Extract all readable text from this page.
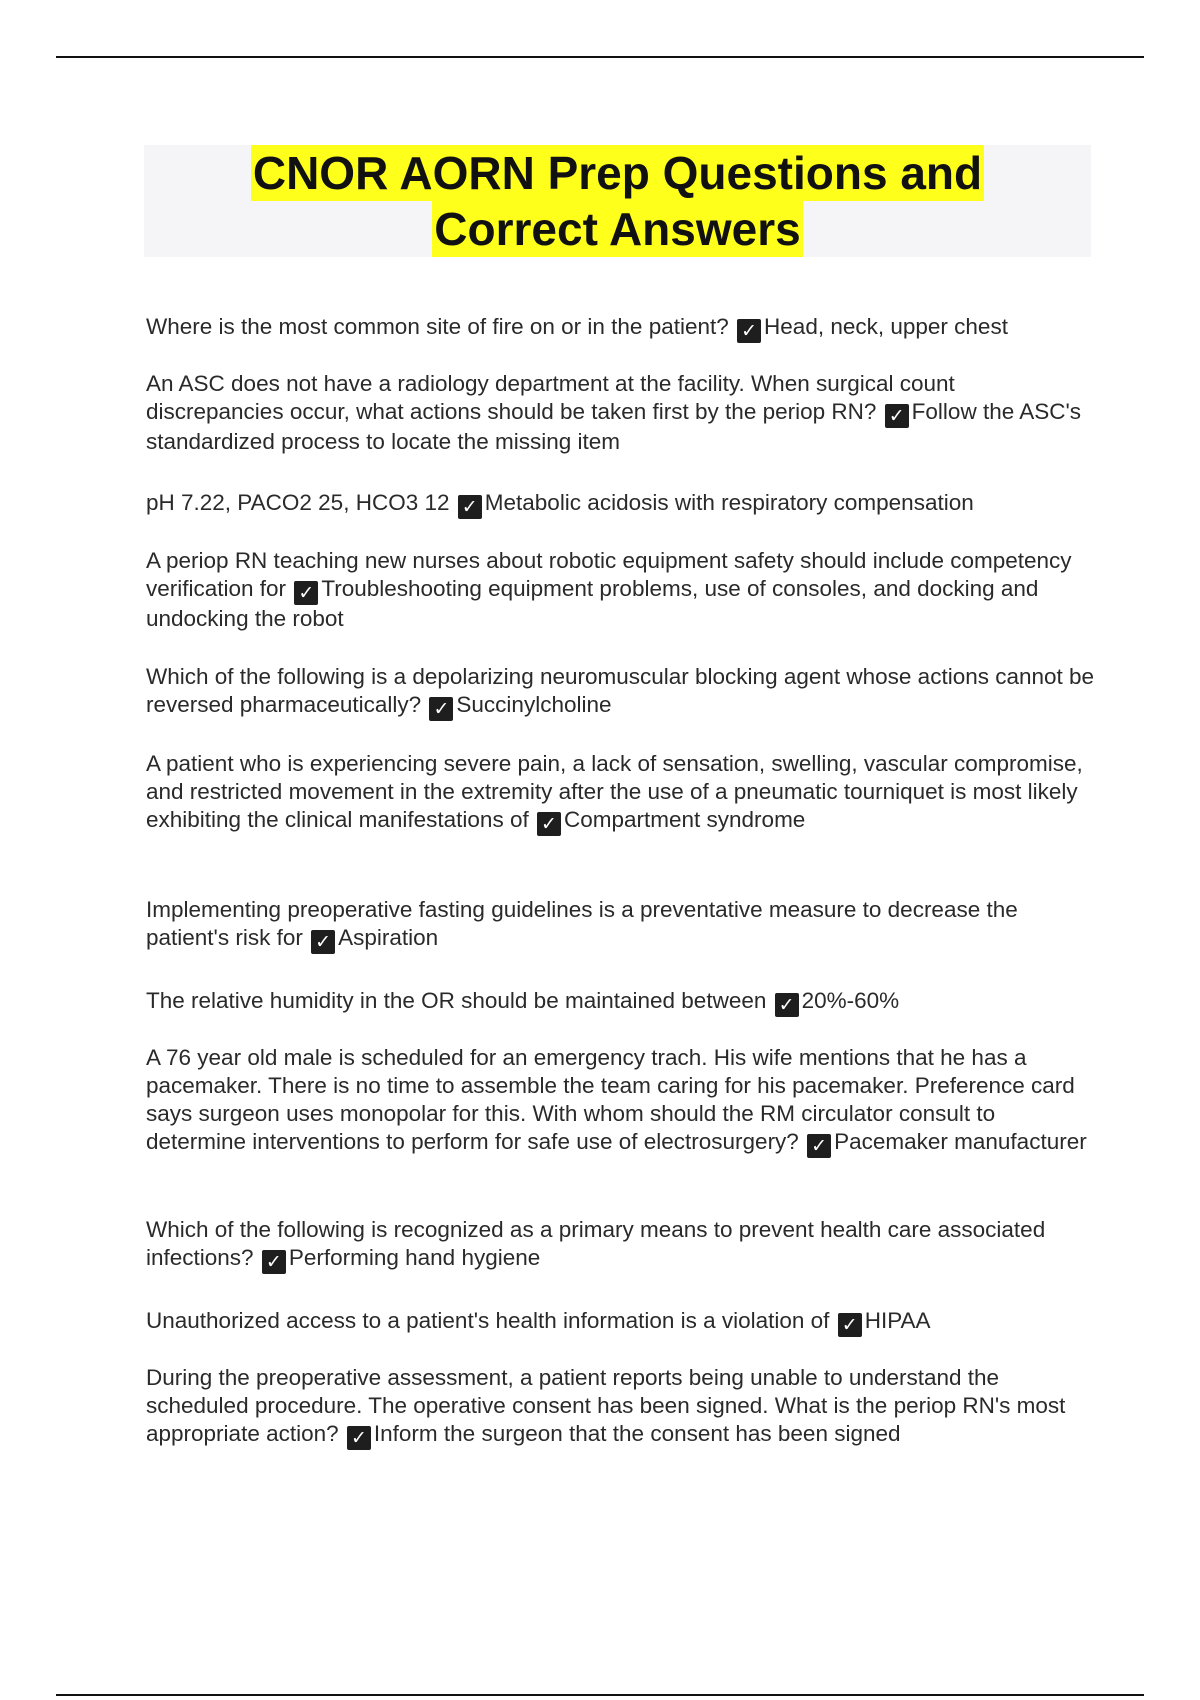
CNOR AORN Prep Questions and
Correct Answers
Where is the most common site of fire on or in the patient? ✓ Head, neck, upper chest
An ASC does not have a radiology department at the facility. When surgical count discrepancies occur, what actions should be taken first by the periop RN? ✓ Follow the ASC's standardized process to locate the missing item
pH 7.22, PACO2 25, HCO3 12 ✓ Metabolic acidosis with respiratory compensation
A periop RN teaching new nurses about robotic equipment safety should include competency verification for ✓ Troubleshooting equipment problems, use of consoles, and docking and undocking the robot
Which of the following is a depolarizing neuromuscular blocking agent whose actions cannot be reversed pharmaceutically? ✓ Succinylcholine
A patient who is experiencing severe pain, a lack of sensation, swelling, vascular compromise, and restricted movement in the extremity after the use of a pneumatic tourniquet is most likely exhibiting the clinical manifestations of ✓ Compartment syndrome
Implementing preoperative fasting guidelines is a preventative measure to decrease the patient's risk for ✓ Aspiration
The relative humidity in the OR should be maintained between ✓ 20%-60%
A 76 year old male is scheduled for an emergency trach. His wife mentions that he has a pacemaker. There is no time to assemble the team caring for his pacemaker. Preference card says surgeon uses monopolar for this. With whom should the RM circulator consult to determine interventions to perform for safe use of electrosurgery? ✓ Pacemaker manufacturer
Which of the following is recognized as a primary means to prevent health care associated infections? ✓ Performing hand hygiene
Unauthorized access to a patient's health information is a violation of ✓ HIPAA
During the preoperative assessment, a patient reports being unable to understand the scheduled procedure. The operative consent has been signed. What is the periop RN's most appropriate action? ✓ Inform the surgeon that the consent has been signed
